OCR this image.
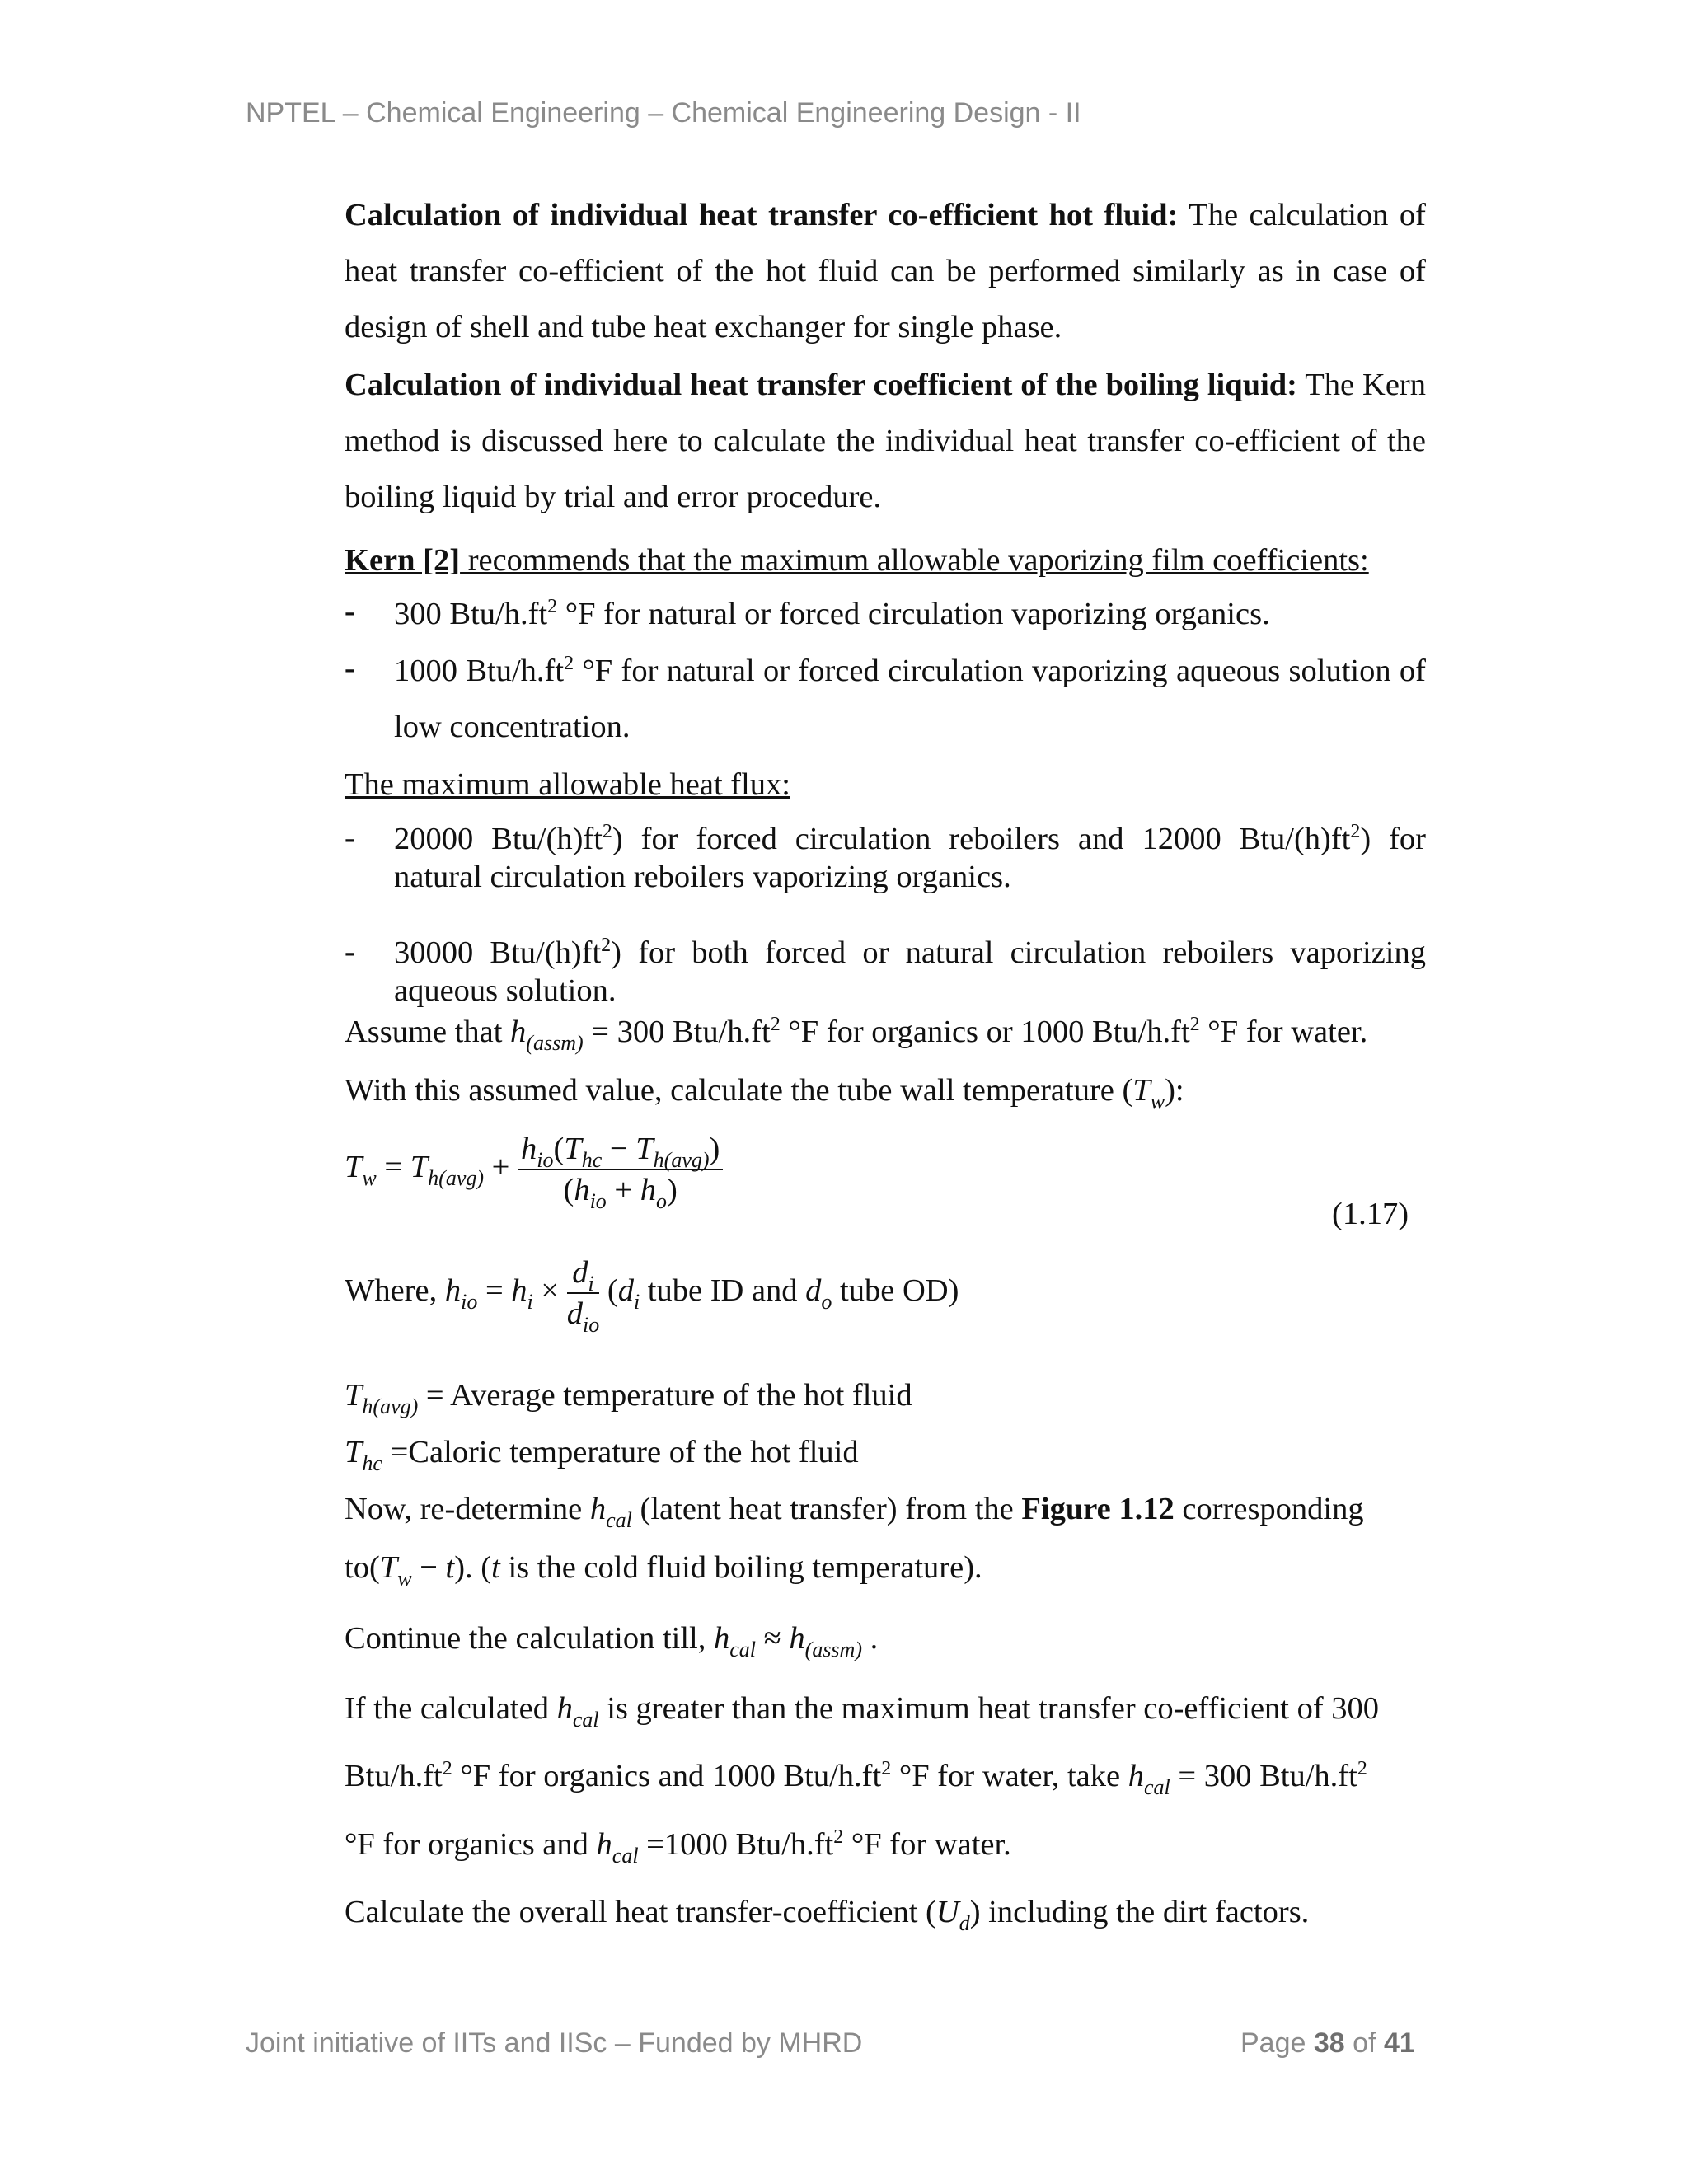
NPTEL – Chemical Engineering – Chemical Engineering Design - II
Calculation of individual heat transfer co-efficient hot fluid: The calculation of heat transfer co-efficient of the hot fluid can be performed similarly as in case of design of shell and tube heat exchanger for single phase.
Calculation of individual heat transfer coefficient of the boiling liquid: The Kern method is discussed here to calculate the individual heat transfer co-efficient of the boiling liquid by trial and error procedure.
Kern [2] recommends that the maximum allowable vaporizing film coefficients:
- 300 Btu/$h.ft^2$ °F for natural or forced circulation vaporizing organics.
- 1000 Btu/$h.ft^2$ °F for natural or forced circulation vaporizing aqueous solution of low concentration.
The maximum allowable heat flux:
- 20000 Btu/$(h)ft^2$) for forced circulation reboilers and 12000 Btu/$(h)ft^2$) for natural circulation reboilers vaporizing organics.
- 30000 Btu/$(h)ft^2$) for both forced or natural circulation reboilers vaporizing aqueous solution.
Assume that $h_{(assm)} = 300$ Btu/$h.ft^2$ °F for organics or 1000 Btu/$h.ft^2$ °F for water.
With this assumed value, calculate the tube wall temperature $(T_w)$:
$T_w = T_{h(avg)} + \frac{h_{io}(T_{hc} - T_{h(avg)})}{(h_{io} + h_o)}$
(1.17)
Where, $h_{io} = h_i \times \frac{d_i}{d_{io}} (d_i$ tube ID and $d_o$ tube OD)
$T_{h(avg)}$ = Average temperature of the hot fluid
$T_{hc}$ =Caloric temperature of the hot fluid
Now, re-determine $h_{cal}$ (latent heat transfer) from the Figure 1.12 corresponding
$to(T_w - t)$. (t is the cold fluid boiling temperature).
Continue the calculation till, $h_{cal} \approx h_{(assm)}$ .
If the calculated $h_{cal}$ is greater than the maximum heat transfer co-efficient of 300
Btu/$h.ft^2$ °F for organics and 1000 Btu/$h.ft^2$ °F for water, take $h_{cal} = 300$ Btu/$h.ft^2$
°F for organics and $h_{cal} =1000$ Btu/$h.ft^2$ °F for water.
Calculate the overall heat transfer-coefficient $(U_d)$ including the dirt factors.
Joint initiative of IITs and IISc – Funded by MHRD	Page 38 of 41
